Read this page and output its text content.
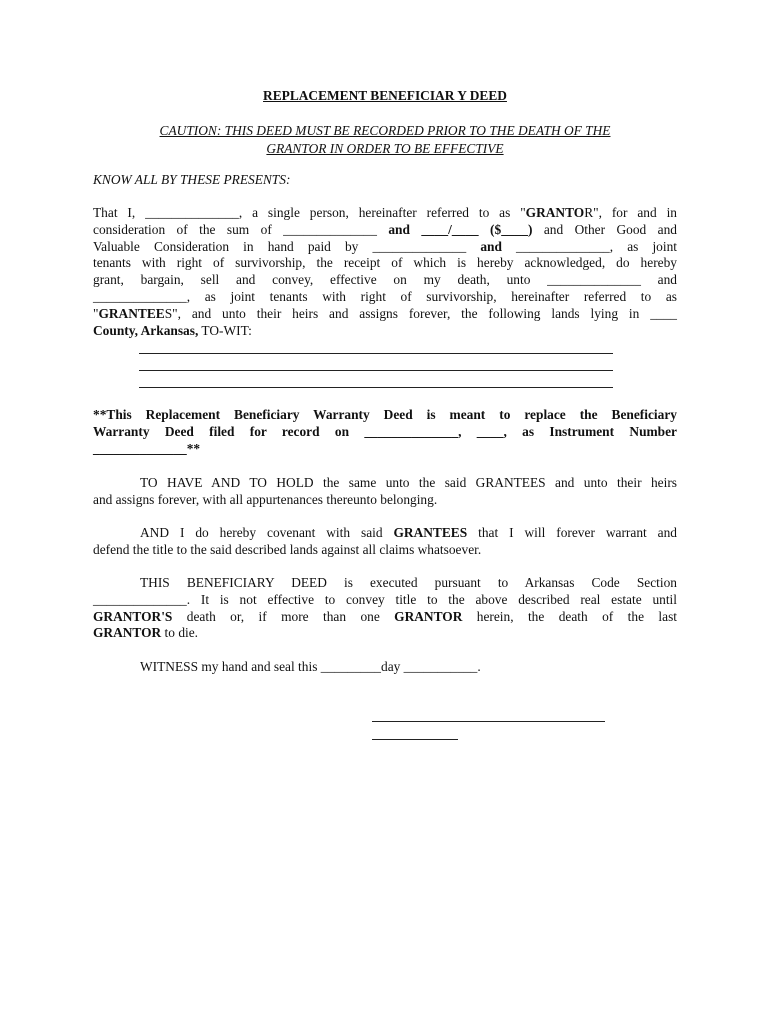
REPLACEMENT BENEFICIAR Y DEED
CAUTION: THIS DEED MUST BE RECORDED PRIOR TO THE DEATH OF THE
GRANTOR IN ORDER TO BE EFFECTIVE
KNOW ALL BY THESE PRESENTS:
That I, ______________, a single person, hereinafter referred to as "GRANTOR", for and in
consideration of the sum of ______________ and ____/____ ($____) and Other Good and
Valuable Consideration in hand paid by ______________ and ______________, as joint
tenants with right of survivorship, the receipt of which is hereby acknowledged, do hereby
grant, bargain, sell and convey, effective on my death, unto ______________ and
______________, as joint tenants with right of survivorship, hereinafter referred to as
"GRANTEES", and unto their heirs and assigns forever, the following lands lying in ____
County, Arkansas, TO-WIT:
**This Replacement Beneficiary Warranty Deed is meant to replace the Beneficiary
Warranty Deed filed for record on ______________, ____, as Instrument Number
______________**
TO HAVE AND TO HOLD the same unto the said GRANTEES and unto their heirs
and assigns forever, with all appurtenances thereunto belonging.
AND I do hereby covenant with said GRANTEES that I will forever warrant and
defend the title to the said described lands against all claims whatsoever.
THIS BENEFICIARY DEED is executed pursuant to Arkansas Code Section
______________. It is not effective to convey title to the above described real estate until
GRANTOR'S death or, if more than one GRANTOR herein, the death of the last
GRANTOR to die.
WITNESS my hand and seal this _________day ___________.
